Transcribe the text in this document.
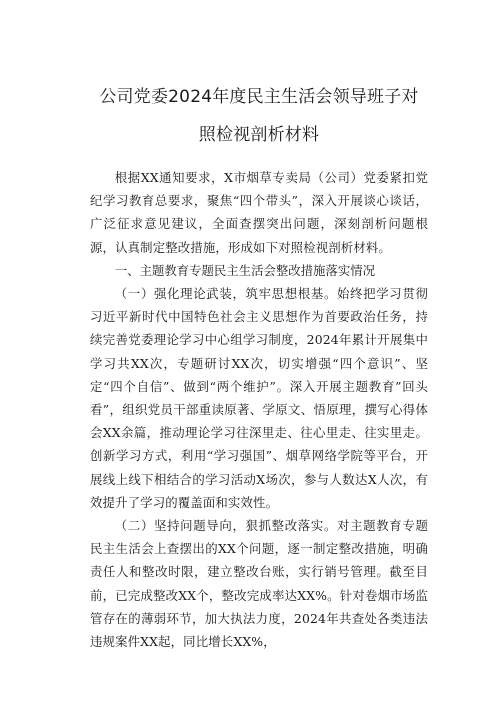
公司党委2024年度民主生活会领导班子对
照检视剖析材料

根据XX通知要求，X市烟草专卖局（公司）党委紧扣党纪学习教育总要求，聚焦“四个带头”，深入开展谈心谈话，广泛征求意见建议，全面查摆突出问题，深刻剖析问题根源，认真制定整改措施，形成如下对照检视剖析材料。

一、主题教育专题民主生活会整改措施落实情况

（一）强化理论武装，筑牢思想根基。始终把学习贯彻习近平新时代中国特色社会主义思想作为首要政治任务，持续完善党委理论学习中心组学习制度，2024年累计开展集中学习共XX次，专题研讨XX次，切实增强“四个意识”、坚定“四个自信”、做到“两个维护”。深入开展主题教育”回头看”，组织党员干部重读原著、学原文、悟原理，撰写心得体会XX余篇，推动理论学习往深里走、往心里走、往实里走。创新学习方式，利用“学习强国”、烟草网络学院等平台，开展线上线下相结合的学习活动X场次，参与人数达X人次，有效提升了学习的覆盖面和实效性。

（二）坚持问题导向，狠抓整改落实。对主题教育专题民主生活会上查摆出的XX个问题，逐一制定整改措施，明确责任人和整改时限，建立整改台账，实行销号管理。截至目前，已完成整改XX个，整改完成率达XX%。针对卷烟市场监管存在的薄弱环节，加大执法力度，2024年共查处各类违法违规案件XX起，同比增长XX%，
